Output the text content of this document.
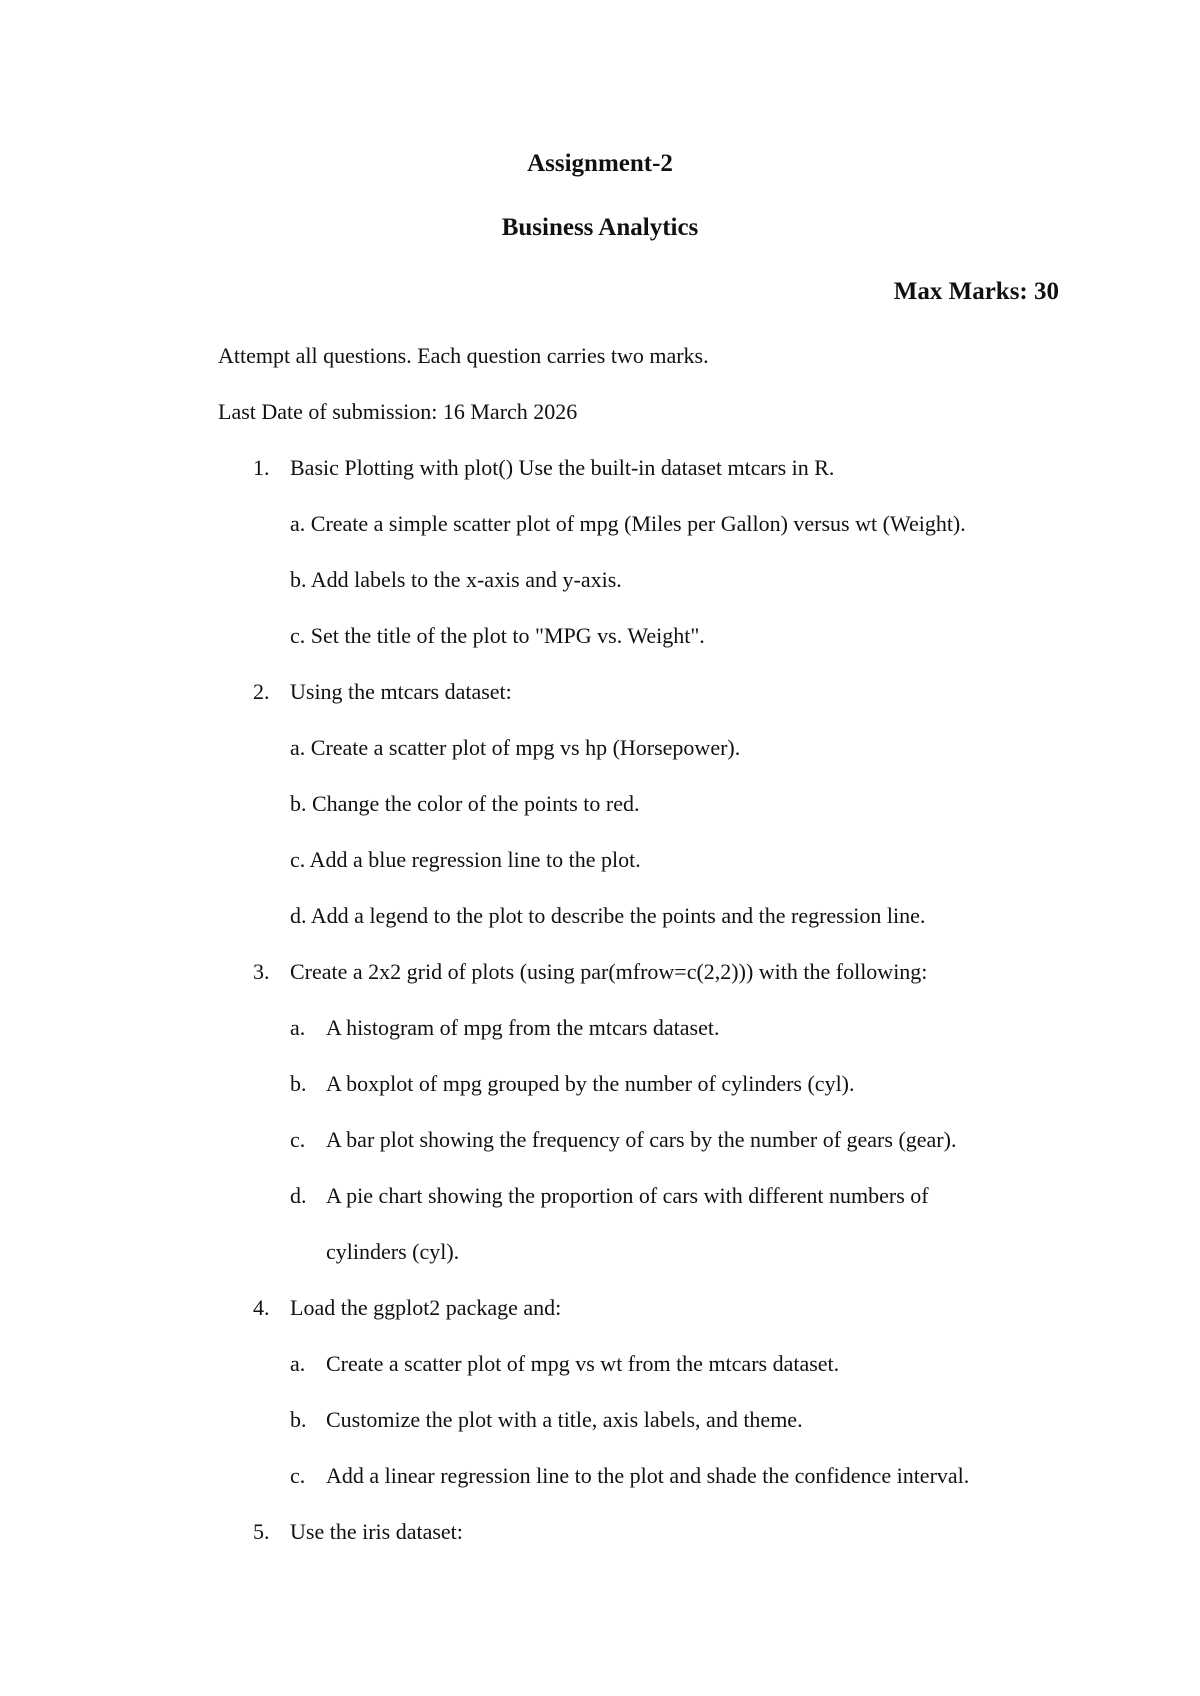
Assignment-2
Business Analytics
Max Marks: 30
Attempt all questions. Each question carries two marks.
Last Date of submission: 16 March 2026
1. Basic Plotting with plot() Use the built-in dataset mtcars in R.
a. Create a simple scatter plot of mpg (Miles per Gallon) versus wt (Weight).
b. Add labels to the x-axis and y-axis.
c. Set the title of the plot to "MPG vs. Weight".
2. Using the mtcars dataset:
a. Create a scatter plot of mpg vs hp (Horsepower).
b. Change the color of the points to red.
c. Add a blue regression line to the plot.
d. Add a legend to the plot to describe the points and the regression line.
3. Create a 2x2 grid of plots (using par(mfrow=c(2,2))) with the following:
a. A histogram of mpg from the mtcars dataset.
b. A boxplot of mpg grouped by the number of cylinders (cyl).
c. A bar plot showing the frequency of cars by the number of gears (gear).
d. A pie chart showing the proportion of cars with different numbers of
cylinders (cyl).
4. Load the ggplot2 package and:
a. Create a scatter plot of mpg vs wt from the mtcars dataset.
b. Customize the plot with a title, axis labels, and theme.
c. Add a linear regression line to the plot and shade the confidence interval.
5. Use the iris dataset:
